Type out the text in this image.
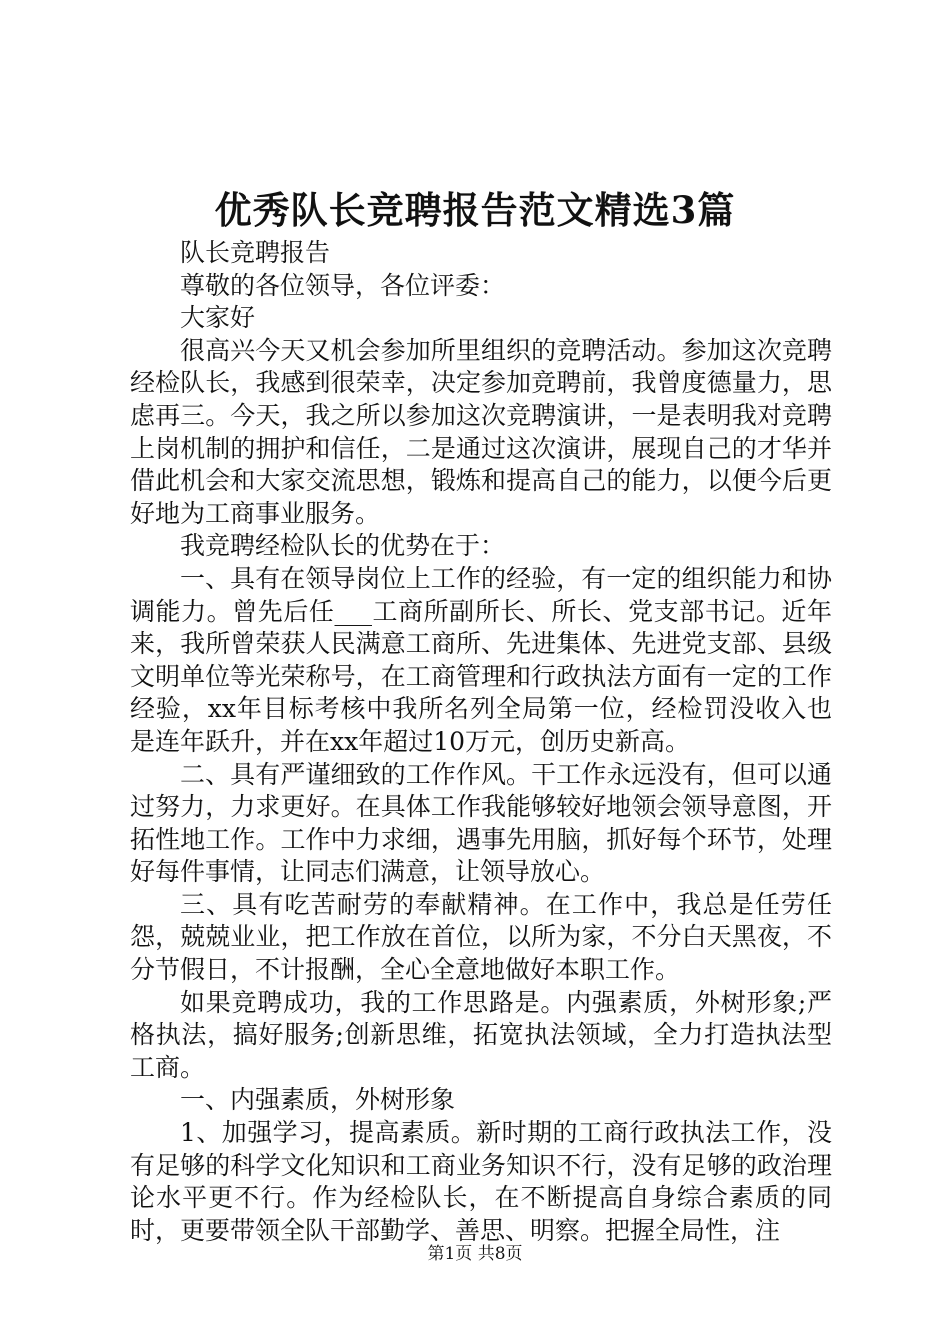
优秀队长竞聘报告范文精选3篇

队长竞聘报告

尊敬的各位领导，各位评委：

大家好

很高兴今天又机会参加所里组织的竞聘活动。参加这次竞聘经检队长，我感到很荣幸，决定参加竞聘前，我曾度德量力，思虑再三。今天，我之所以参加这次竞聘演讲，一是表明我对竞聘上岗机制的拥护和信任，二是通过这次演讲，展现自己的才华并借此机会和大家交流思想，锻炼和提高自己的能力，以便今后更好地为工商事业服务。

我竞聘经检队长的优势在于：

一、具有在领导岗位上工作的经验，有一定的组织能力和协调能力。曾先后任___工商所副所长、所长、党支部书记。近年来，我所曾荣获人民满意工商所、先进集体、先进党支部、县级文明单位等光荣称号，在工商管理和行政执法方面有一定的工作经验，xx年目标考核中我所名列全局第一位，经检罚没收入也是连年跃升，并在xx年超过10万元，创历史新高。

二、具有严谨细致的工作作风。干工作永远没有，但可以通过努力，力求更好。在具体工作我能够较好地领会领导意图，开拓性地工作。工作中力求细，遇事先用脑，抓好每个环节，处理好每件事情，让同志们满意，让领导放心。

三、具有吃苦耐劳的奉献精神。在工作中，我总是任劳任怨，兢兢业业，把工作放在首位，以所为家，不分白天黑夜，不分节假日，不计报酬，全心全意地做好本职工作。

如果竞聘成功，我的工作思路是。内强素质，外树形象;严格执法，搞好服务;创新思维，拓宽执法领域，全力打造执法型工商。

一、内强素质，外树形象

1、加强学习，提高素质。新时期的工商行政执法工作，没有足够的科学文化知识和工商业务知识不行，没有足够的政治理论水平更不行。作为经检队长，在不断提高自身综合素质的同时，更要带领全队干部勤学、善思、明察。把握全局性，注

第1页 共8页
